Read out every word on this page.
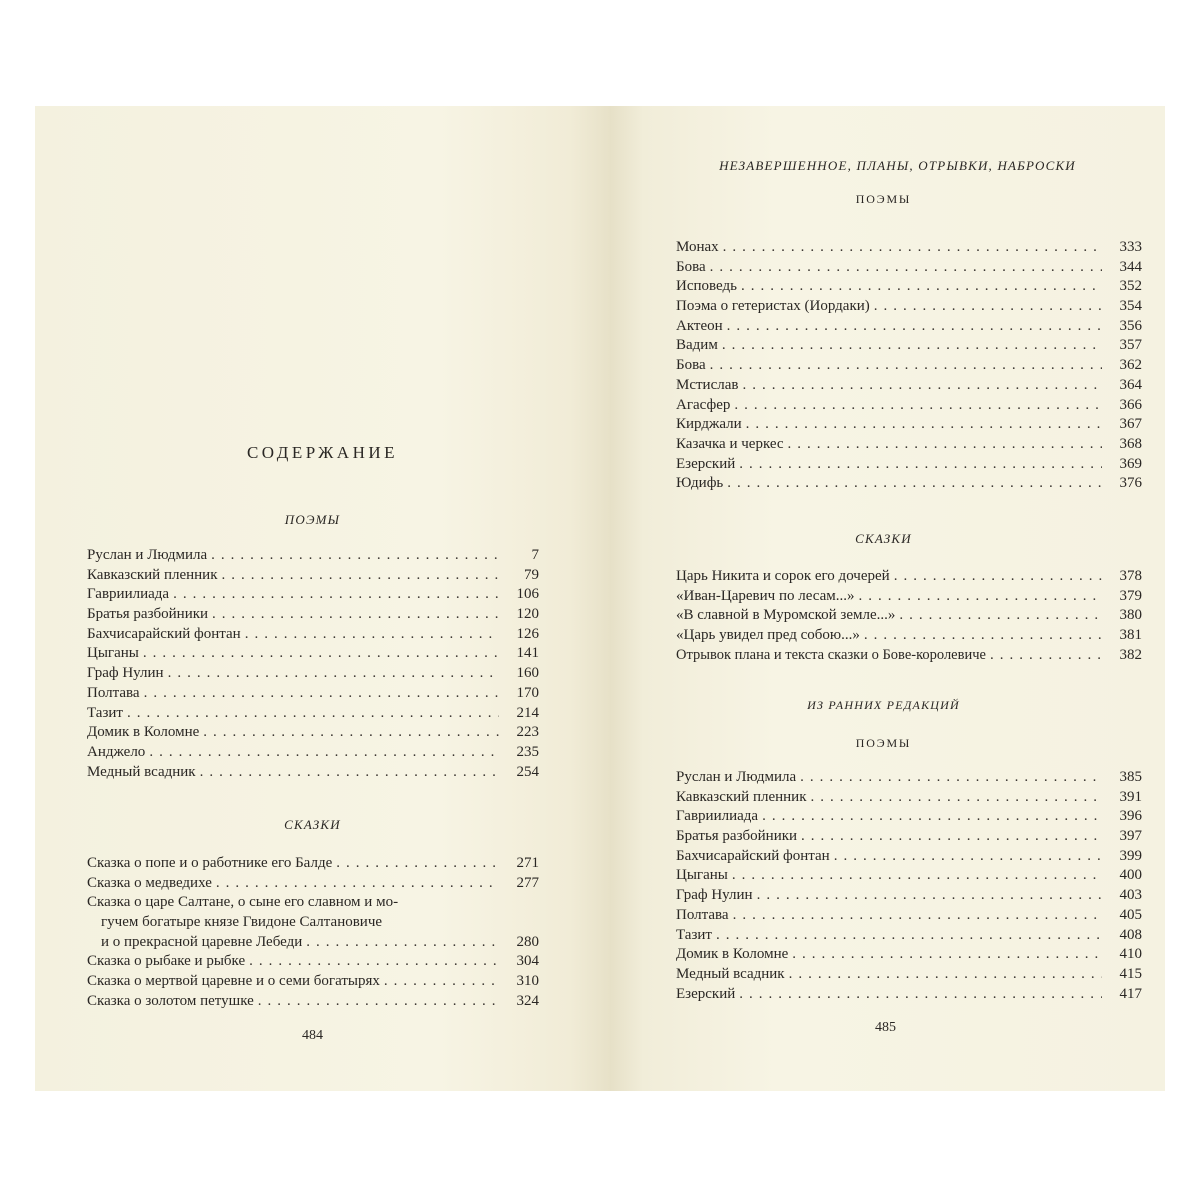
СОДЕРЖАНИЕ
ПОЭМЫ
Руслан и Людмила .....	7
Кавказский пленник .....	79
Гавриилиада .....	106
Братья разбойники .....	120
Бахчисарайский фонтан .....	126
Цыганы .....	141
Граф Нулин .....	160
Полтава .....	170
Тазит .....	214
Домик в Коломне .....	223
Анджело .....	235
Медный всадник .....	254
СКАЗКИ
Сказка о попе и о работнике его Балде .....	271
Сказка о медведихе .....	277
Сказка о царе Салтане, о сыне его славном и мо-
гучем богатыре князе Гвидоне Салтановиче
и о прекрасной царевне Лебеди .....	280
Сказка о рыбаке и рыбке .....	304
Сказка о мертвой царевне и о семи богатырях .....	310
Сказка о золотом петушке .....	324
484
НЕЗАВЕРШЕННОЕ, ПЛАНЫ, ОТРЫВКИ, НАБРОСКИ
ПОЭМЫ
Монах .....	333
Бова .....	344
Исповедь .....	352
Поэма о гетеристах (Иордаки) .....	354
Актеон .....	356
Вадим .....	357
Бова .....	362
Мстислав .....	364
Агасфер .....	366
Кирджали .....	367
Казачка и черкес .....	368
Езерский .....	369
Юдифь .....	376
СКАЗКИ
Царь Никита и сорок его дочерей .....	378
«Иван-Царевич по лесам...» .....	379
«В славной в Муромской земле...» .....	380
«Царь увидел пред собою...» .....	381
Отрывок плана и текста сказки о Бове-королевиче .....	382
ИЗ РАННИХ РЕДАКЦИЙ
ПОЭМЫ
Руслан и Людмила .....	385
Кавказский пленник .....	391
Гавриилиада .....	396
Братья разбойники .....	397
Бахчисарайский фонтан .....	399
Цыганы .....	400
Граф Нулин .....	403
Полтава .....	405
Тазит .....	408
Домик в Коломне .....	410
Медный всадник .....	415
Езерский .....	417
485
